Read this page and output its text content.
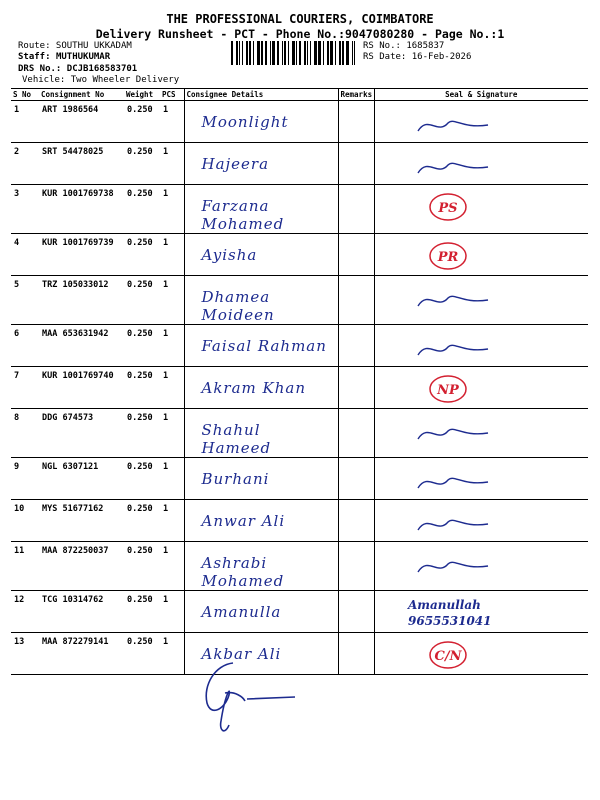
THE PROFESSIONAL COURIERS, COIMBATORE
Delivery Runsheet - PCT - Phone No.:9047080280 - Page No.:1
Route: SOUTHU UKKADAM
Staff: MUTHUKUMAR
DRS No.: DCJB168583701
Vehicle: Two Wheeler Delivery
RS No.: 1685837
RS Date: 16-Feb-2026
S No	Consignment No	Weight	PCS	Consignee Details	Remarks	Seal & Signature
1	ART 1986564	0.250	1	Moonlight		

2	SRT 54478025	0.250	1	Hajeera		

3	KUR 1001769738	0.250	1	Farzana Mohamed		PS

4	KUR 1001769739	0.250	1	Ayisha		PR

5	TRZ 105033012	0.250	1	Dhamea Moideen		

6	MAA 653631942	0.250	1	Faisal Rahman		

7	KUR 1001769740	0.250	1	Akram Khan		NP

8	DDG 674573	0.250	1	Shahul Hameed		

9	NGL 6307121	0.250	1	Burhani		

10	MYS 51677162	0.250	1	Anwar Ali		

11	MAA 872250037	0.250	1	Ashrabi Mohamed		

12	TCG 10314762	0.250	1	Amanulla		Amanullah
9655531041

13	MAA 872279141	0.250	1	Akbar Ali		C/N
